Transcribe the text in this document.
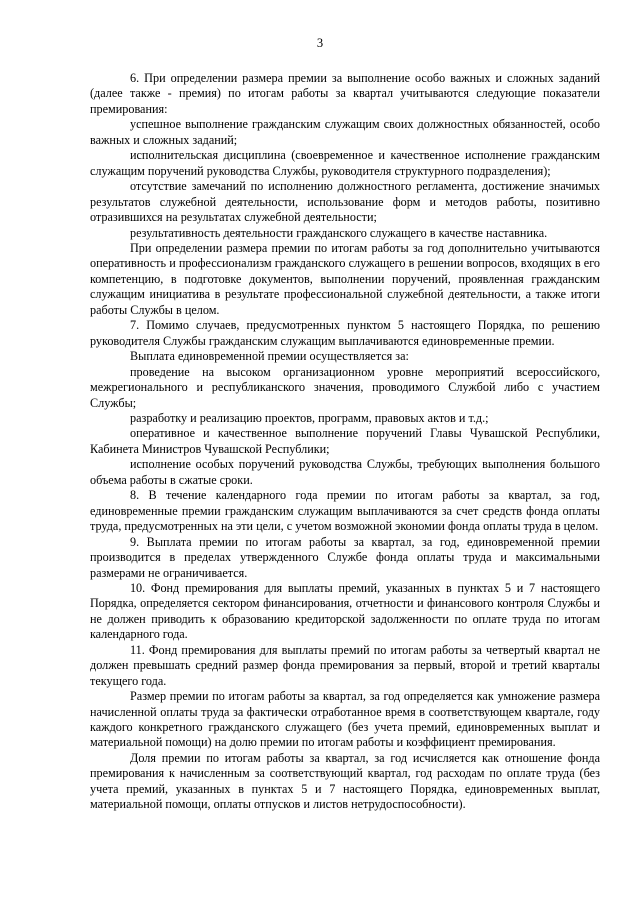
3

6. При определении размера премии за выполнение особо важных и сложных заданий (далее также - премия) по итогам работы за квартал учитываются следующие показатели премирования:

успешное выполнение гражданским служащим своих должностных обязанностей, особо важных и сложных заданий;

исполнительская дисциплина (своевременное и качественное исполнение гражданским служащим поручений руководства Службы, руководителя структурного подразделения);

отсутствие замечаний по исполнению должностного регламента, достижение значимых результатов служебной деятельности, использование форм и методов работы, позитивно отразившихся на результатах служебной деятельности;

результативность деятельности гражданского служащего в качестве наставника.

При определении размера премии по итогам работы за год дополнительно учитываются оперативность и профессионализм гражданского служащего в решении вопросов, входящих в его компетенцию, в подготовке документов, выполнении поручений, проявленная гражданским служащим инициатива в результате профессиональной служебной деятельности, а также итоги работы Службы в целом.

7. Помимо случаев, предусмотренных пунктом 5 настоящего Порядка, по решению руководителя Службы гражданским служащим выплачиваются единовременные премии.

Выплата единовременной премии осуществляется за:

проведение на высоком организационном уровне мероприятий всероссийского, межрегионального и республиканского значения, проводимого Службой либо с участием Службы;

разработку и реализацию проектов, программ, правовых актов и т.д.;

оперативное и качественное выполнение поручений Главы Чувашской Республики, Кабинета Министров Чувашской Республики;

исполнение особых поручений руководства Службы, требующих выполнения большого объема работы в сжатые сроки.

8. В течение календарного года премии по итогам работы за квартал, за год, единовременные премии гражданским служащим выплачиваются за счет средств фонда оплаты труда, предусмотренных на эти цели, с учетом возможной экономии фонда оплаты труда в целом.

9. Выплата премии по итогам работы за квартал, за год, единовременной премии производится в пределах утвержденного Службе фонда оплаты труда и максимальными размерами не ограничивается.

10. Фонд премирования для выплаты премий, указанных в пунктах 5 и 7 настоящего Порядка, определяется сектором финансирования, отчетности и финансового контроля Службы и не должен приводить к образованию кредиторской задолженности по оплате труда по итогам календарного года.

11. Фонд премирования для выплаты премий по итогам работы за четвертый квартал не должен превышать средний размер фонда премирования за первый, второй и третий кварталы текущего года.

Размер премии по итогам работы за квартал, за год определяется как умножение размера начисленной оплаты труда за фактически отработанное время в соответствующем квартале, году каждого конкретного гражданского служащего (без учета премий, единовременных выплат и материальной помощи) на долю премии по итогам работы и коэффициент премирования.

Доля премии по итогам работы за квартал, за год исчисляется как отношение фонда премирования к начисленным за соответствующий квартал, год расходам по оплате труда (без учета премий, указанных в пунктах 5 и 7 настоящего Порядка, единовременных выплат, материальной помощи, оплаты отпусков и листов нетрудоспособности).
